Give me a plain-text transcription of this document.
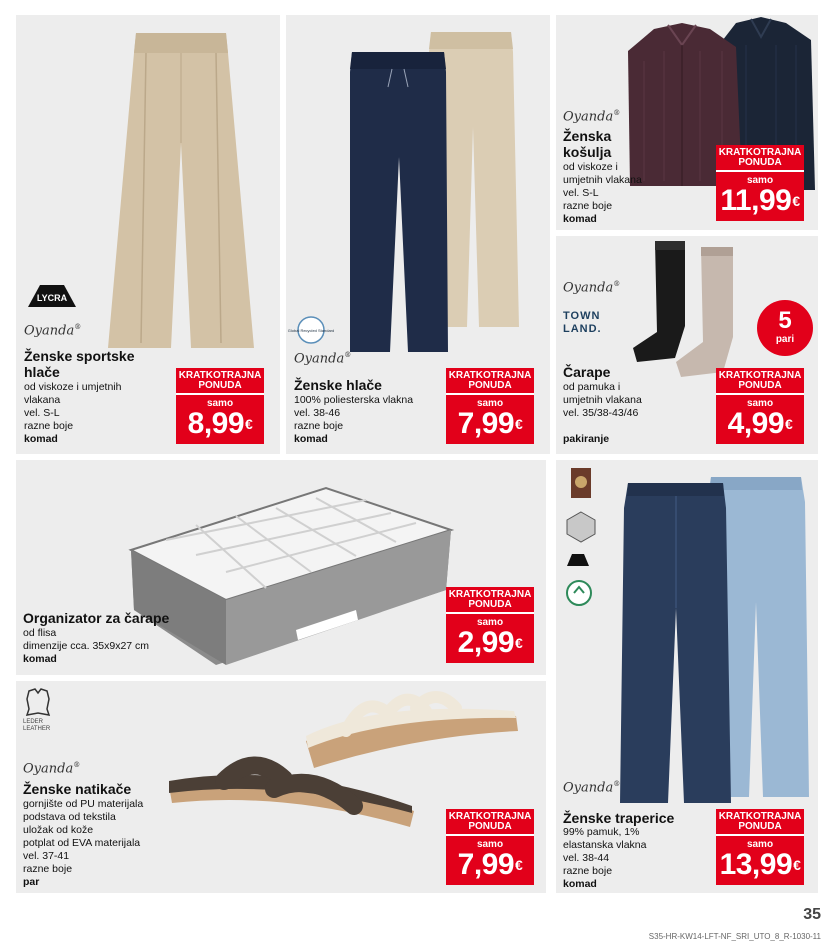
LYCRA
Oyanda®
Ženske sportske
hlače
od viskoze i umjetnih
vlakana
vel. S-L
razne boje
komad
KRATKOTRAJNA PONUDA
samo
8,99€
Global Recycled Standard
Oyanda®
Ženske hlače
100% poliesterska vlakna
vel. 38-46
razne boje
komad
KRATKOTRAJNA PONUDA
samo
7,99€
Oyanda®
Ženska
košulja
od viskoze i
umjetnih vlakana
vel. S-L
razne boje
komad
KRATKOTRAJNA PONUDA
samo
11,99€
Oyanda®
TOWN LAND.	5
pari
Čarape
od pamuka i
umjetnih vlakana
vel. 35/38-43/46
pakiranje
KRATKOTRAJNA PONUDA
samo
4,99€
Organizator za čarape
od flisa
dimenzije cca. 35x9x27 cm
komad
KRATKOTRAJNA PONUDA
samo
2,99€
LEDER
LEATHER
Oyanda®
Ženske natikače
gornjište od PU materijala
podstava od tekstila
uložak od kože
potplat od EVA materijala
vel. 37-41
razne boje
par
KRATKOTRAJNA PONUDA
samo
7,99€
Oyanda®
Ženske traperice
99% pamuk, 1%
elastanska vlakna
vel. 38-44
razne boje
komad
KRATKOTRAJNA PONUDA
samo
13,99€
35
S35-HR-KW14-LFT-NF_SRI_UTO_8_R-1030-11
